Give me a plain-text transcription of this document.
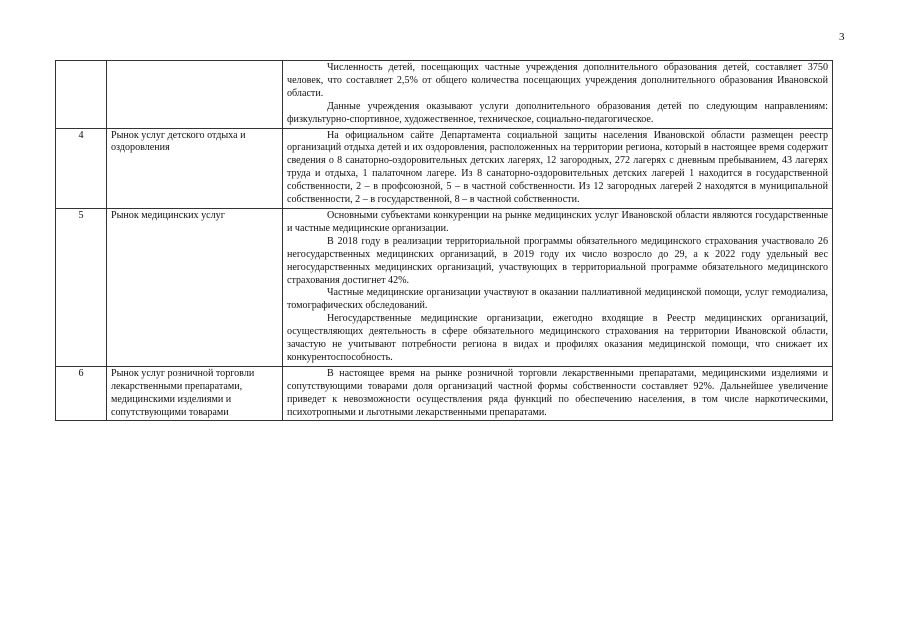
3

		Численность детей, посещающих частные учреждения дополнительного образования детей, составляет 3750 человек, что составляет 2,5% от общего количества посещающих учреждения дополнительного образования Ивановской области.

Данные учреждения оказывают услуги дополнительного образования детей по следующим направлениям: физкультурно-спортивное, художественное, техническое, социально-педагогическое.

4	Рынок услуг детского отдыха и оздоровления	На официальном сайте Департамента социальной защиты населения Ивановской области размещен реестр организаций отдыха детей и их оздоровления, расположенных на территории региона, который в настоящее время содержит сведения о 8 санаторно-оздоровительных детских лагерях, 12 загородных, 272 лагерях с дневным пребыванием, 43 лагерях труда и отдыха, 1 палаточном лагере. Из 8 санаторно-оздоровительных детских лагерей 1 находится в государственной собственности, 2 – в профсоюзной, 5 – в частной собственности. Из 12 загородных лагерей 2 находятся в муниципальной собственности, 2 – в государственной, 8 – в частной собственности.

5	Рынок медицинских услуг	Основными субъектами конкуренции на рынке медицинских услуг Ивановской области являются государственные и частные медицинские организации.

В 2018 году в реализации территориальной программы обязательного медицинского страхования участвовало 26 негосударственных медицинских организаций, в 2019 году их число возросло до 29, а к 2022 году удельный вес негосударственных медицинских организаций, участвующих в территориальной программе обязательного медицинского страхования достигнет 42%.

Частные медицинские организации участвуют в оказании паллиативной медицинской помощи, услуг гемодиализа, томографических обследований.

Негосударственные медицинские организации, ежегодно входящие в Реестр медицинских организаций, осуществляющих деятельность в сфере обязательного медицинского страхования на территории Ивановской области, зачастую не учитывают потребности региона в видах и профилях оказания медицинской помощи, что снижает их конкурентоспособность.

6	Рынок услуг розничной торговли лекарственными препаратами, медицинскими изделиями и сопутствующими товарами	В настоящее время на рынке розничной торговли лекарственными препаратами, медицинскими изделиями и сопутствующими товарами доля организаций частной формы собственности составляет 92%. Дальнейшее увеличение приведет к невозможности осуществления ряда функций по обеспечению населения, в том числе наркотическими, психотропными и льготными лекарственными препаратами.
